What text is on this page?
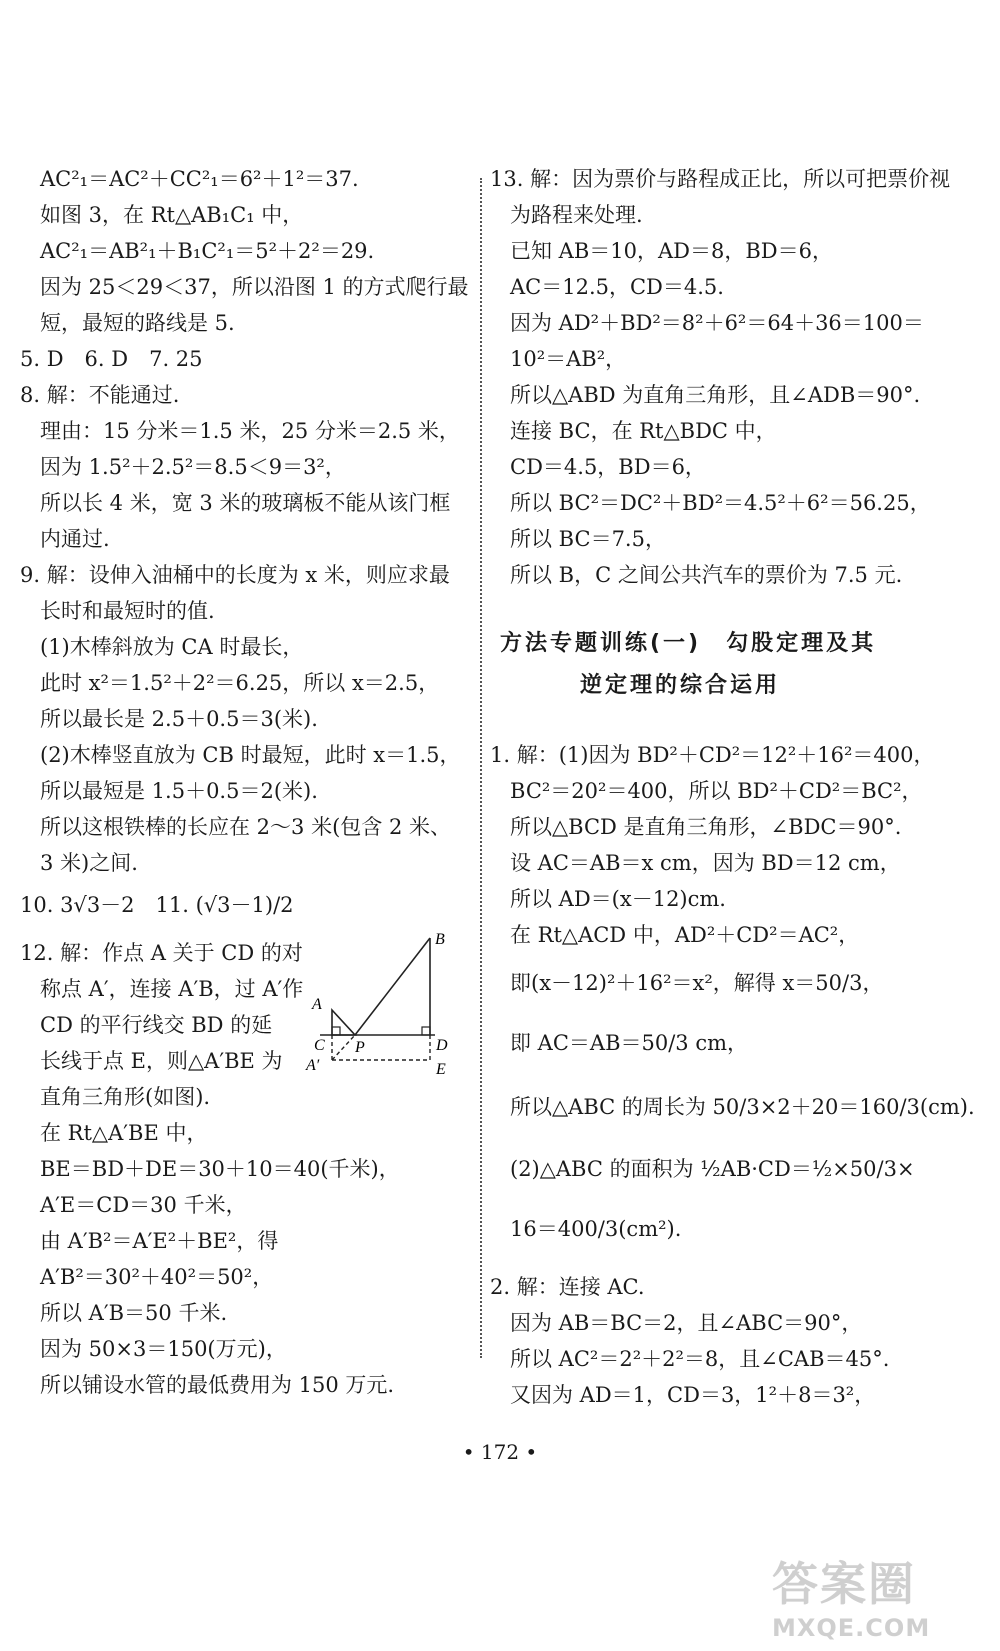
方法专题训练(一)　勾股定理及其
逆定理的综合运用
A
B
C	D
E
P
A′
• 172 •
答案圈
MXQE.COM
AC²₁＝AC²＋CC²₁＝6²＋1²＝37.
如图 3，在 Rt△AB₁C₁ 中，
AC²₁＝AB²₁＋B₁C²₁＝5²＋2²＝29.
因为 25＜29＜37，所以沿图 1 的方式爬行最
短，最短的路线是 5.
5. D　6. D　7. 25
8. 解：不能通过.
理由：15 分米＝1.5 米，25 分米＝2.5 米，
因为 1.5²＋2.5²＝8.5＜9＝3²，
所以长 4 米，宽 3 米的玻璃板不能从该门框
内通过.
9. 解：设伸入油桶中的长度为 x 米，则应求最
长时和最短时的值.
(1)木棒斜放为 CA 时最长，
此时 x²＝1.5²＋2²＝6.25，所以 x＝2.5，
所以最长是 2.5＋0.5＝3(米).
(2)木棒竖直放为 CB 时最短，此时 x＝1.5，
所以最短是 1.5＋0.5＝2(米).
所以这根铁棒的长应在 2～3 米(包含 2 米、
3 米)之间.
10. 3√3－2　11. (√3－1)/2
12. 解：作点 A 关于 CD 的对
称点 A′，连接 A′B，过 A′作
CD 的平行线交 BD 的延
长线于点 E，则△A′BE 为
直角三角形(如图).
在 Rt△A′BE 中，
BE＝BD＋DE＝30＋10＝40(千米)，
A′E＝CD＝30 千米，
由 A′B²＝A′E²＋BE²，得
A′B²＝30²＋40²＝50²，
所以 A′B＝50 千米.
因为 50×3＝150(万元)，
所以铺设水管的最低费用为 150 万元.
13. 解：因为票价与路程成正比，所以可把票价视
为路程来处理.
已知 AB＝10，AD＝8，BD＝6，
AC＝12.5，CD＝4.5.
因为 AD²＋BD²＝8²＋6²＝64＋36＝100＝
10²＝AB²，
所以△ABD 为直角三角形，且∠ADB＝90°.
连接 BC，在 Rt△BDC 中，
CD＝4.5，BD＝6，
所以 BC²＝DC²＋BD²＝4.5²＋6²＝56.25，
所以 BC＝7.5，
所以 B，C 之间公共汽车的票价为 7.5 元.
1. 解：(1)因为 BD²＋CD²＝12²＋16²＝400，
BC²＝20²＝400，所以 BD²＋CD²＝BC²，
所以△BCD 是直角三角形，∠BDC＝90°.
设 AC＝AB＝x cm，因为 BD＝12 cm，
所以 AD＝(x－12)cm.
在 Rt△ACD 中，AD²＋CD²＝AC²，
即(x－12)²＋16²＝x²，解得 x＝50/3，
即 AC＝AB＝50/3 cm，
所以△ABC 的周长为 50/3×2＋20＝160/3(cm).
(2)△ABC 的面积为 ½AB·CD＝½×50/3×
16＝400/3(cm²).
2. 解：连接 AC.
因为 AB＝BC＝2，且∠ABC＝90°，
所以 AC²＝2²＋2²＝8，且∠CAB＝45°.
又因为 AD＝1，CD＝3，1²＋8＝3²，
